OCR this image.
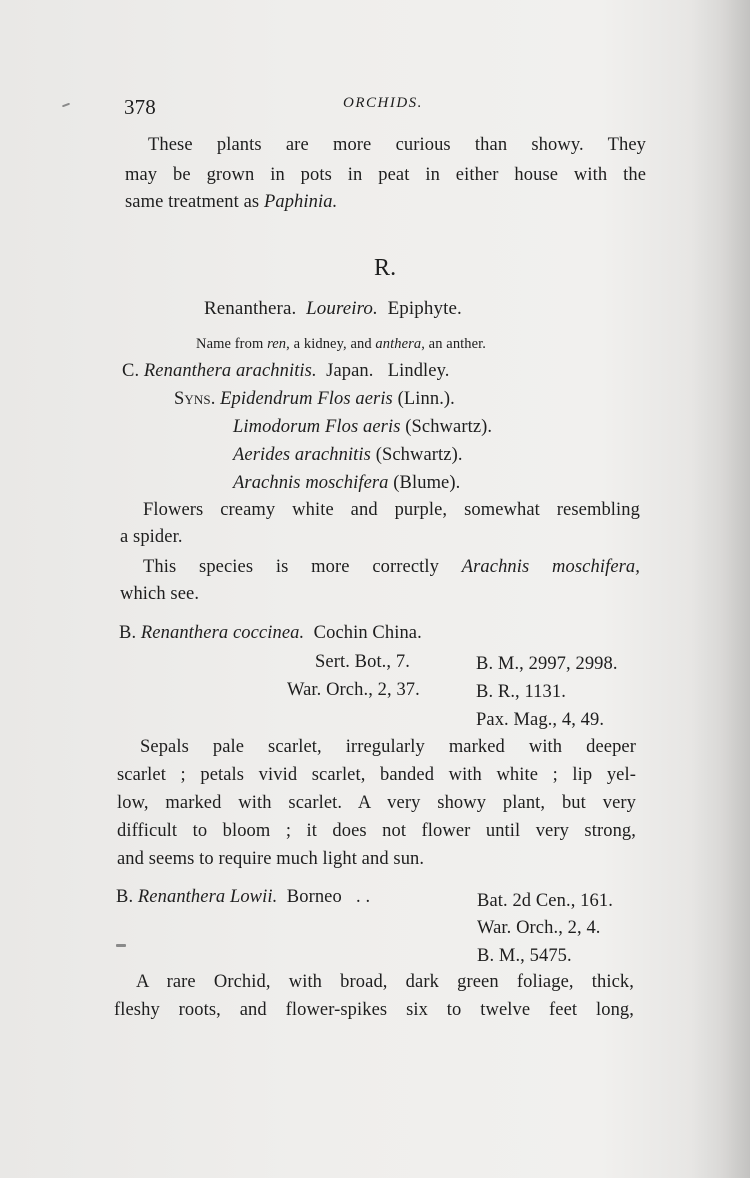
378	ORCHIDS.
These plants are more curious than showy. They
may be grown in pots in peat in either house with the
same treatment as Paphinia.
R.
Renanthera. Loureiro. Epiphyte.
Name from ren, a kidney, and anthera, an anther.
C. Renanthera arachnitis. Japan. Lindley.
Syns. Epidendrum Flos aeris (Linn.).
Limodorum Flos aeris (Schwartz).
Aerides arachnitis (Schwartz).
Arachnis moschifera (Blume).
Flowers creamy white and purple, somewhat resembling
a spider.
This species is more correctly Arachnis moschifera,
which see.
B. Renanthera coccinea. Cochin China.
Sert. Bot., 7.	B. M., 2997, 2998.
War. Orch., 2, 37.	B. R., 1131.
Pax. Mag., 4, 49.
Sepals pale scarlet, irregularly marked with deeper
scarlet ; petals vivid scarlet, banded with white ; lip yel-
low, marked with scarlet. A very showy plant, but very
difficult to bloom ; it does not flower until very strong,
and seems to require much light and sun.
B. Renanthera Lowii. Borneo . .	Bat. 2d Cen., 161.
War. Orch., 2, 4.
B. M., 5475.
A rare Orchid, with broad, dark green foliage, thick,
fleshy roots, and flower-spikes six to twelve feet long,
